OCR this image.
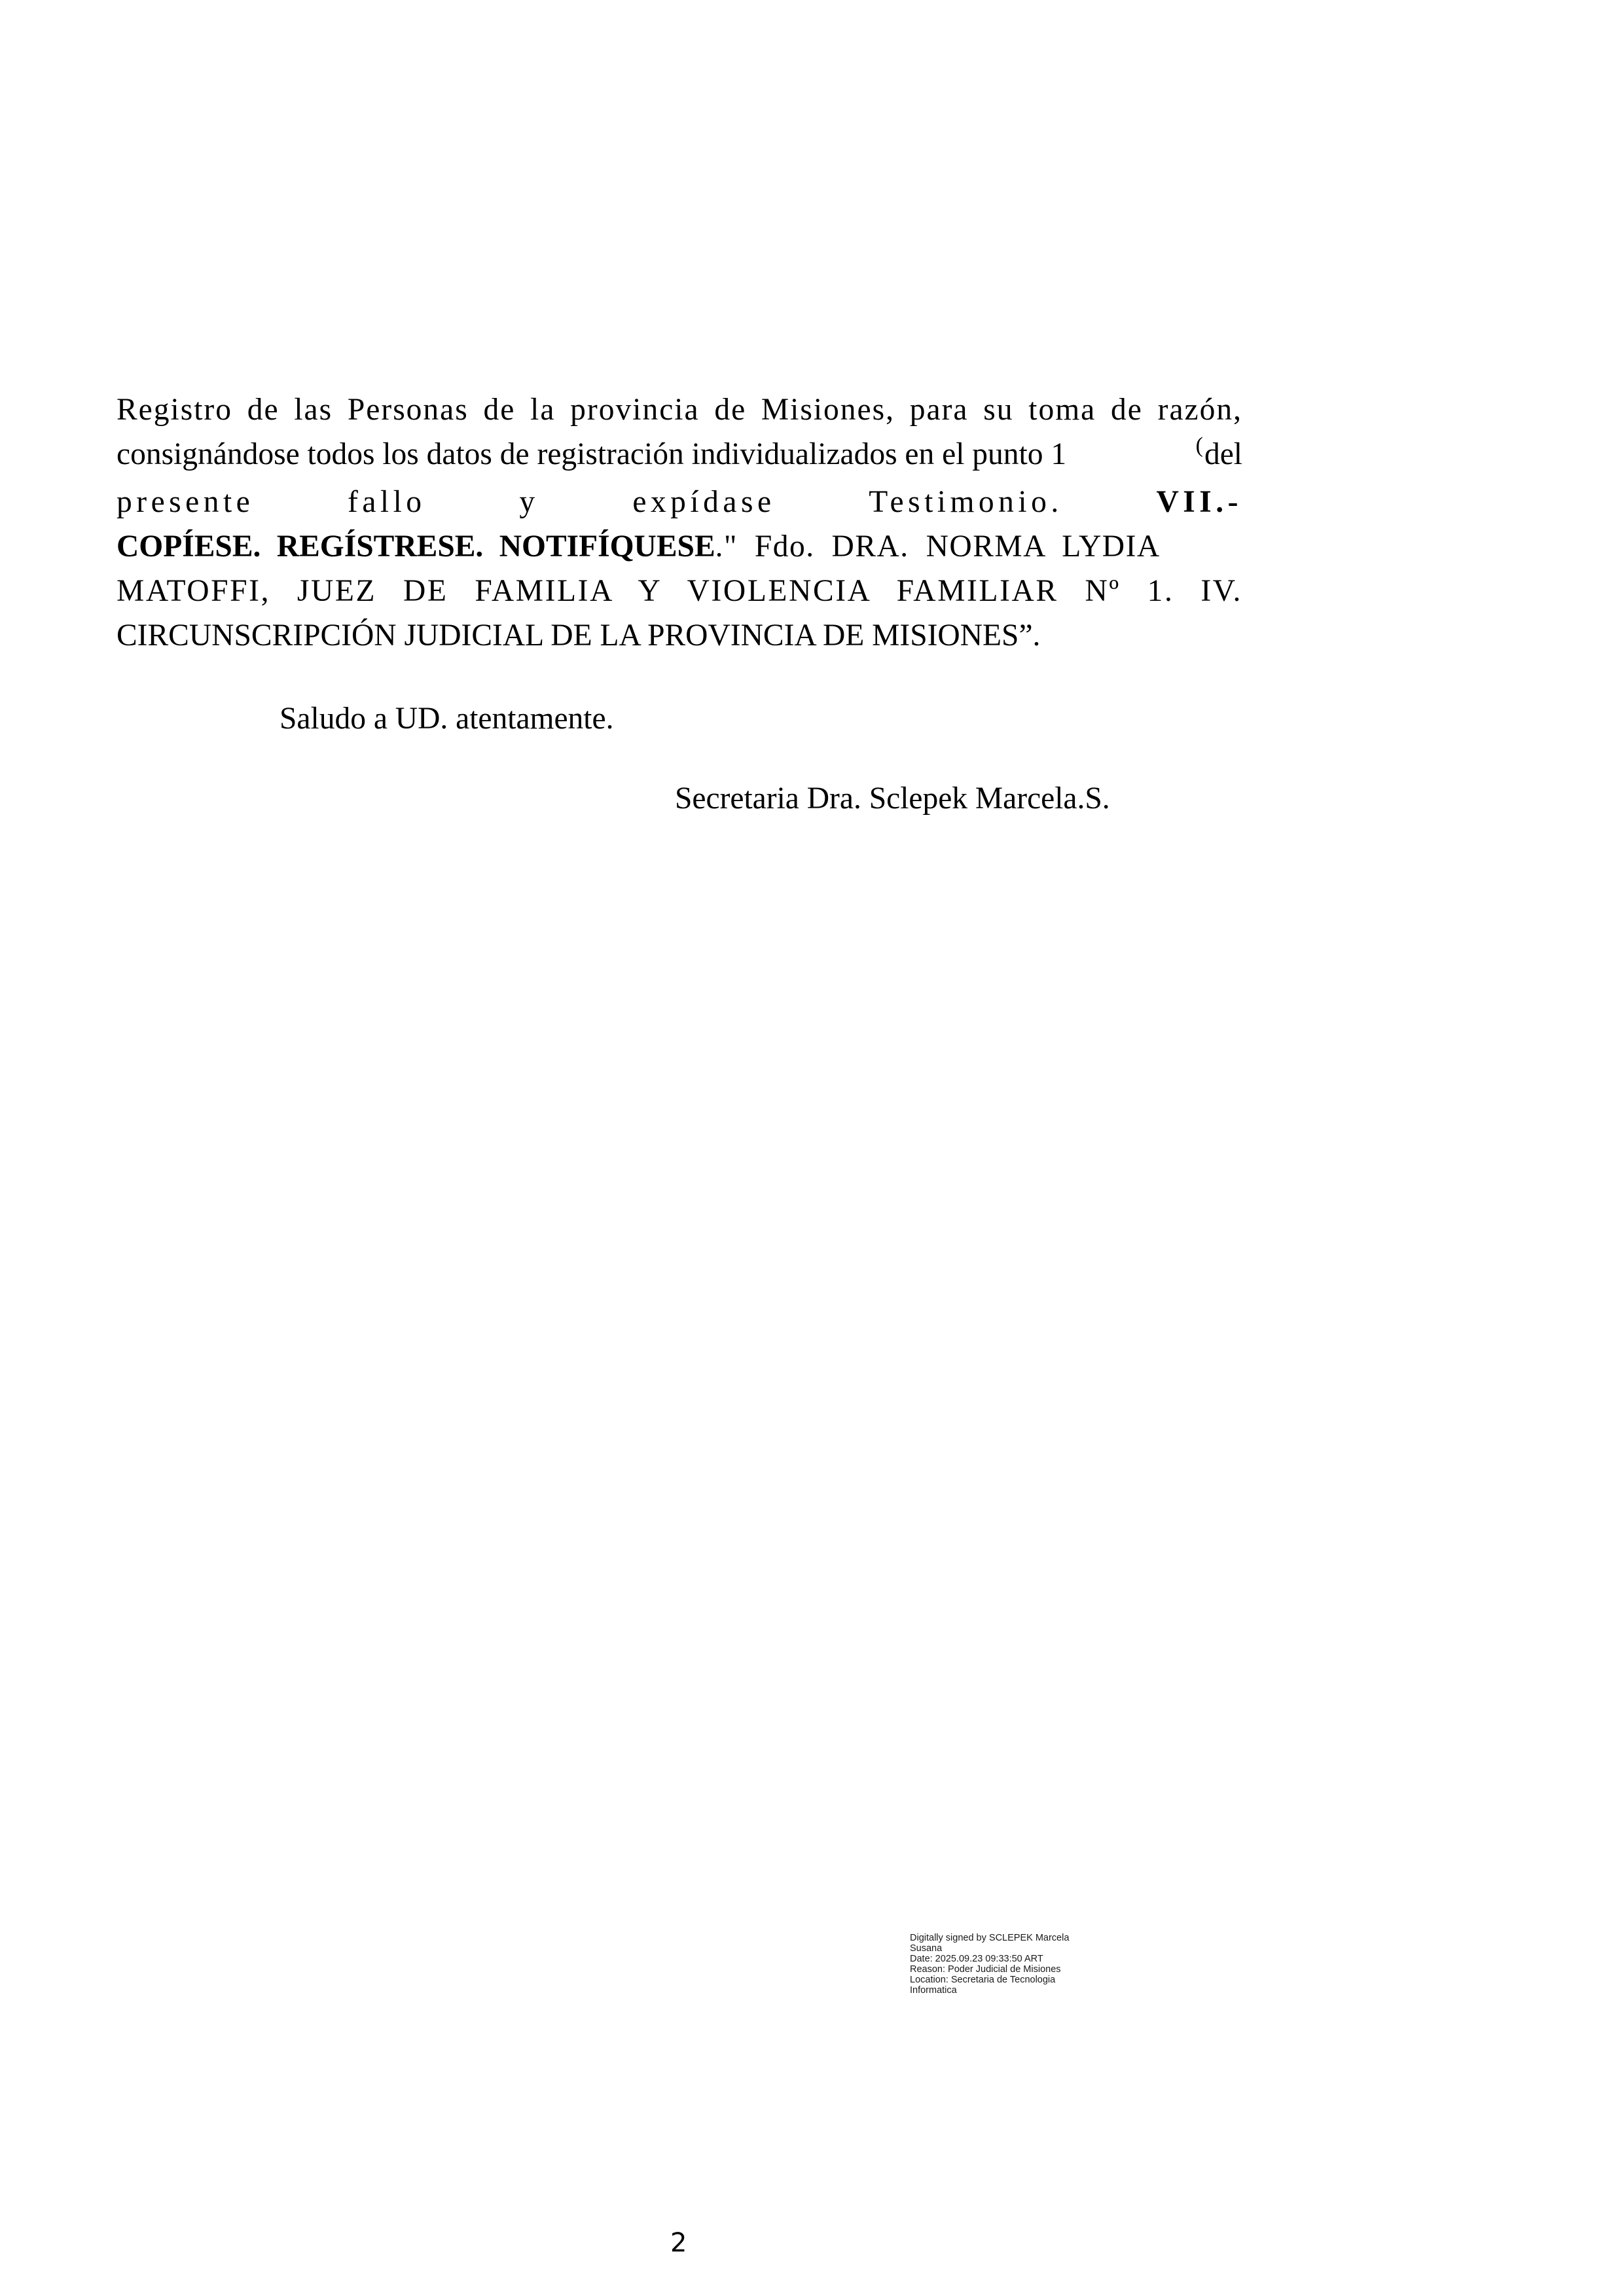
Registro de las Personas de la provincia de Misiones, para su toma de razón,
consignándose todos los datos de registración individualizados en el punto 1	(del
presente	fallo	y	expídase	Testimonio.	VII.-
COPÍESE. REGÍSTRESE. NOTIFÍQUESE." Fdo. DRA. NORMA LYDIA
MATOFFI, JUEZ DE FAMILIA Y VIOLENCIA FAMILIAR Nº 1. IV.
CIRCUNSCRIPCIÓN JUDICIAL DE LA PROVINCIA DE MISIONES”.
Saludo a UD. atentamente.
Secretaria Dra. Sclepek Marcela.S.
Digitally signed by SCLEPEK Marcela
Susana
Date: 2025.09.23 09:33:50 ART
Reason: Poder Judicial de Misiones
Location: Secretaria de Tecnologia
Informatica
2
